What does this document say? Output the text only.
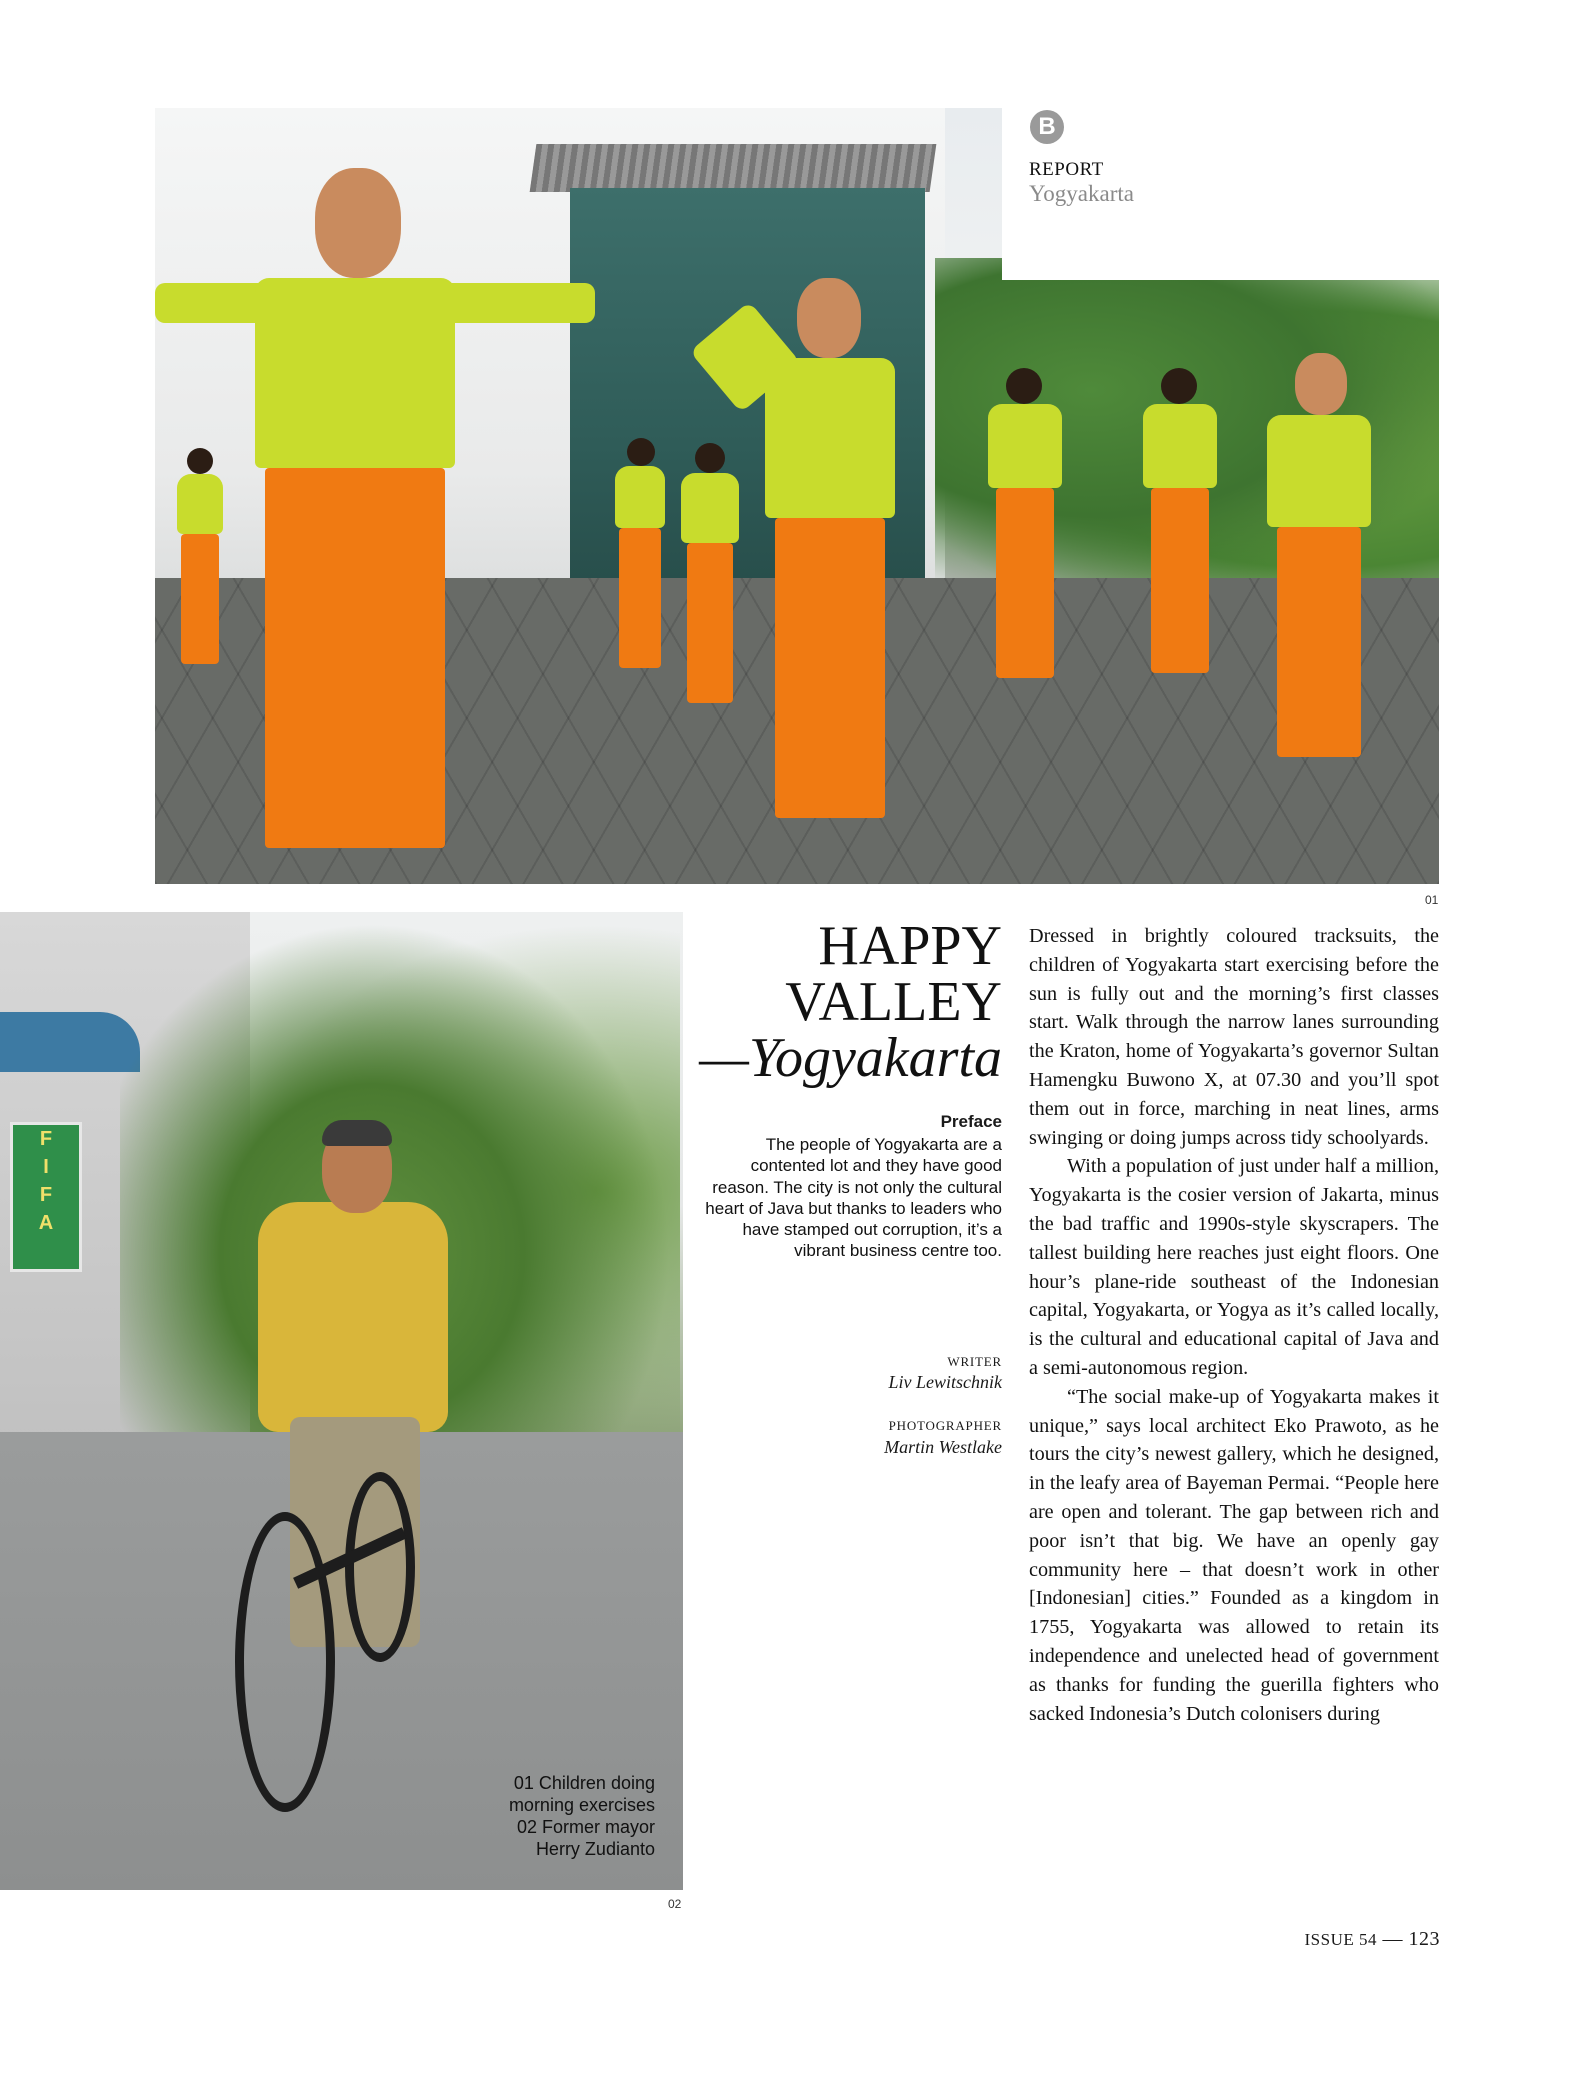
B
REPORT
Yogyakarta
01
F
I
F
A
01 Children doing
morning exercises
02 Former mayor
Herry Zudianto
02
HAPPY
VALLEY
—Yogyakarta
Preface
The people of Yogyakarta are a contented lot and they have good reason. The city is not only the cultural heart of Java but thanks to leaders who have stamped out corruption, it’s a vibrant business centre too.
WRITER
Liv Lewitschnik
PHOTOGRAPHER
Martin Westlake

Dressed in brightly coloured tracksuits, the children of Yogyakarta start exercising before the sun is fully out and the morning’s first classes start. Walk through the narrow lanes surrounding the Kraton, home of Yogyakarta’s governor Sultan Hamengku Buwono X, at 07.30 and you’ll spot them out in force, marching in neat lines, arms swinging or doing jumps across tidy schoolyards.

With a population of just under half a million, Yogyakarta is the cosier version of Jakarta, minus the bad traffic and 1990s-style skyscrapers. The tallest building here reaches just eight floors. One hour’s plane-ride southeast of the Indonesian capital, Yogyakarta, or Yogya as it’s called locally, is the cultural and educational capital of Java and a semi-autonomous region.

“The social make-up of Yogyakarta makes it unique,” says local architect Eko Prawoto, as he tours the city’s newest gallery, which he designed, in the leafy area of Bayeman Permai. “People here are open and tolerant. The gap between rich and poor isn’t that big. We have an openly gay community here – that doesn’t work in other [Indonesian] cities.” Founded as a kingdom in 1755, Yogyakarta was allowed to retain its independence and unelected head of government as thanks for funding the guerilla fighters who sacked Indonesia’s Dutch colonisers during

ISSUE 54 — 123
